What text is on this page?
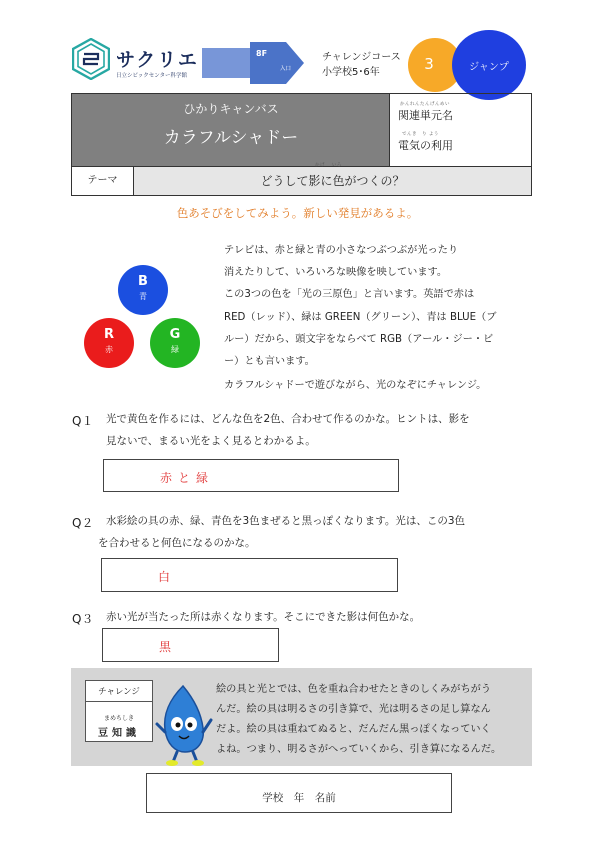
サクリエ
日立シビックセンター科学館
8F
入口
チャレンジコース
小学校5･6年	3	ジャンプ
ひかりキャンバス
カラフルシャドー
かんれんたんげんめい
関連単元名
でんき　り よう
電気の利用
テーマ	どうして影に色がつくの？
かげ　 いろ
色あそびをしてみよう。新しい発見があるよ。
B
青
R
赤
G
緑

テレビは、赤と緑と青の小さなつぶつぶが光ったり

消えたりして、いろいろな映像を映しています。

この3つの色を「光の三原色」と言います。英語で赤は

RED（レッド）、緑は GREEN（グリーン）、青は BLUE（ブ

ルー）だから、頭文字をならべて RGB（アール・ジー・ビ

ー）とも言います。

カラフルシャドーで遊びながら、光のなぞにチャレンジ。
Q１ 光で黄色を作るには、どんな色を2色、合わせて作るのかな。ヒントは、影を
見ないで、まるい光をよく見るとわかるよ。
赤と緑
Q２ 水彩絵の具の赤、緑、青色を3色まぜると黒っぽくなります。光は、この3色
を合わせると何色になるのかな。
白
Q３ 赤い光が当たった所は赤くなります。そこにできた影は何色かな。
黒
チャレンジ
まめちしき
豆知識
絵の具と光とでは、色を重ね合わせたときのしくみがちがう
んだ。絵の具は明るさの引き算で、光は明るさの足し算なん
だよ。絵の具は重ねてぬると、だんだん黒っぽくなっていく
よね。つまり、明るさがへっていくから、引き算になるんだ。
学校　年　名前
